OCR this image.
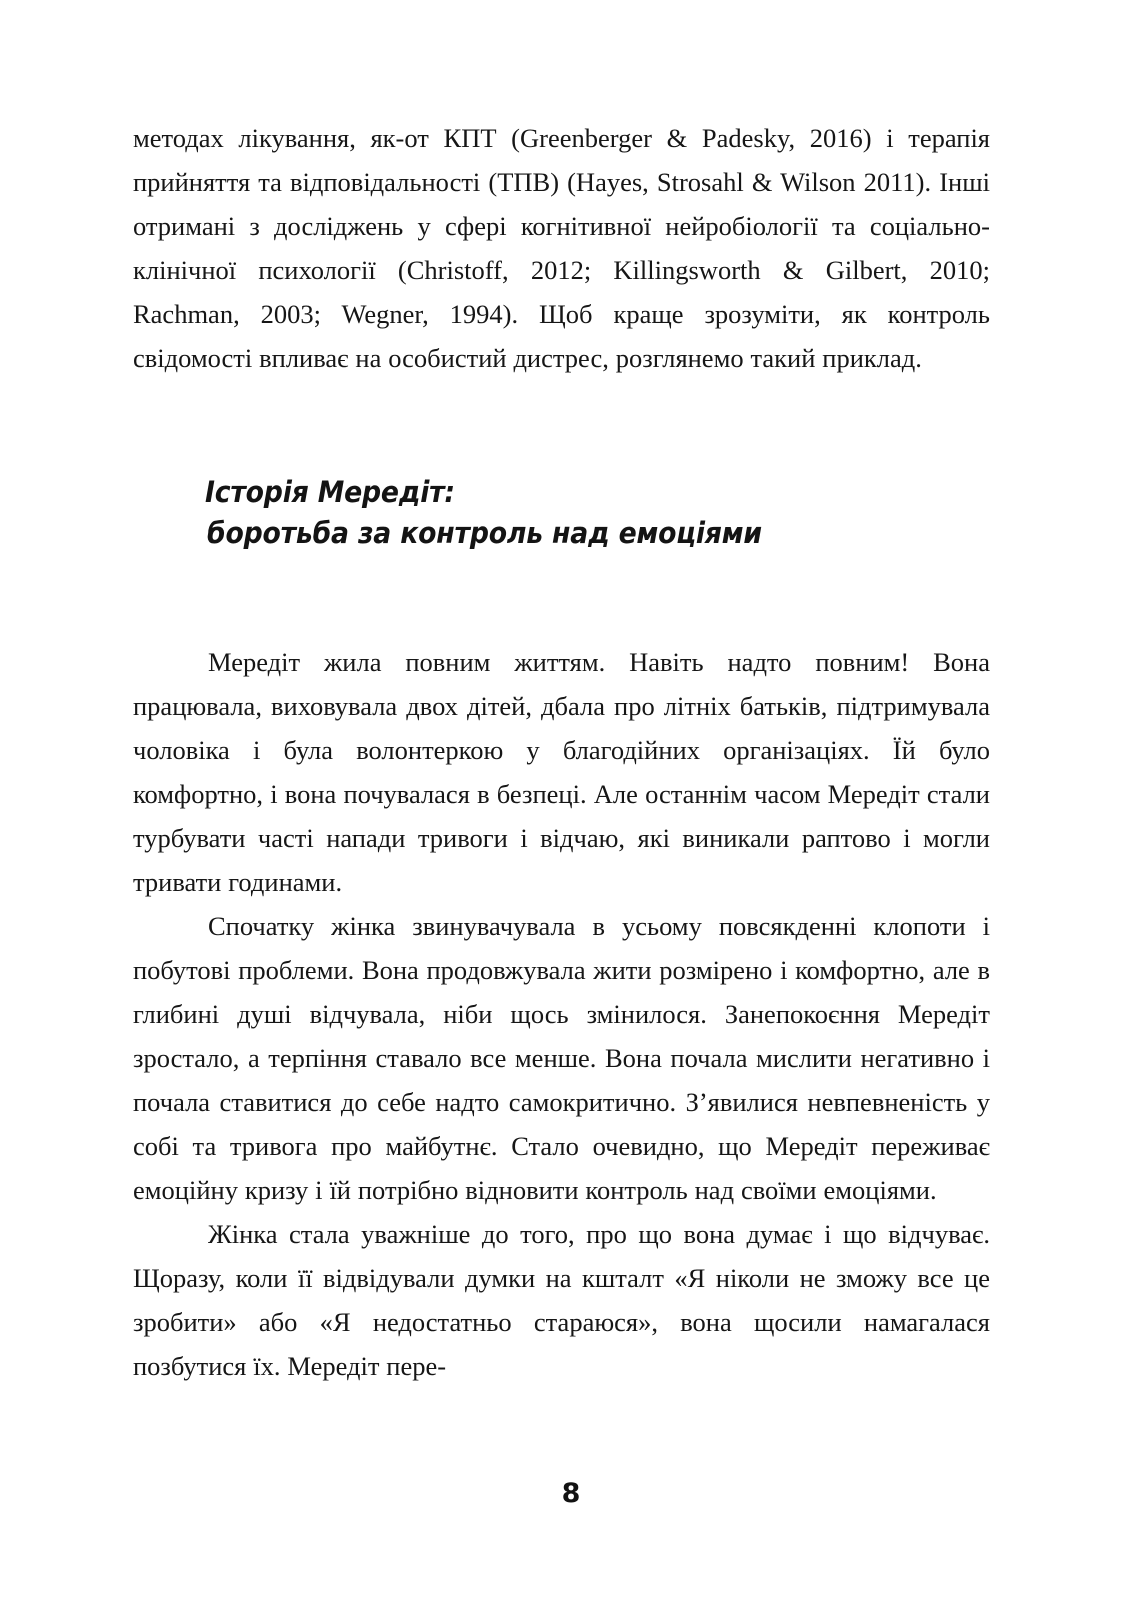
методах лікування, як-от КПТ (Greenberger & Padesky, 2016) і терапія прийняття та відповідальності (ТПВ) (Hayes, Strosahl & Wilson 2011). Інші отримані з досліджень у сфері когнітивної нейробіології та соціально-клінічної психології (Christoff, 2012; Killingsworth & Gilbert, 2010; Rachman, 2003; Wegner, 1994). Щоб краще зрозуміти, як контроль свідомості впливає на особистий дистрес, розглянемо такий приклад.

Історія Мередіт:
боротьба за контроль над емоціями

Мередіт жила повним життям. Навіть надто повним! Вона працювала, виховувала двох дітей, дбала про літніх батьків, підтримувала чоловіка і була волонтеркою у благодійних організаціях. Їй було комфортно, і вона почувалася в безпеці. Але останнім часом Мередіт стали турбувати часті напади тривоги і відчаю, які виникали раптово і могли тривати годинами.

Спочатку жінка звинувачувала в усьому повсякденні клопоти і побутові проблеми. Вона продовжувала жити розмірено і комфортно, але в глибині душі відчувала, ніби щось змінилося. Занепокоєння Мередіт зростало, а терпіння ставало все менше. Вона почала мислити негативно і почала ставитися до себе надто самокритично. З’явилися невпевненість у собі та тривога про майбутнє. Стало очевидно, що Мередіт переживає емоційну кризу і їй потрібно відновити контроль над своїми емоціями.

Жінка стала уважніше до того, про що вона думає і що відчуває. Щоразу, коли її відвідували думки на кшталт «Я ніколи не зможу все це зробити» або «Я недостатньо стараюся», вона щосили намагалася позбутися їх. Мередіт пере-

8
